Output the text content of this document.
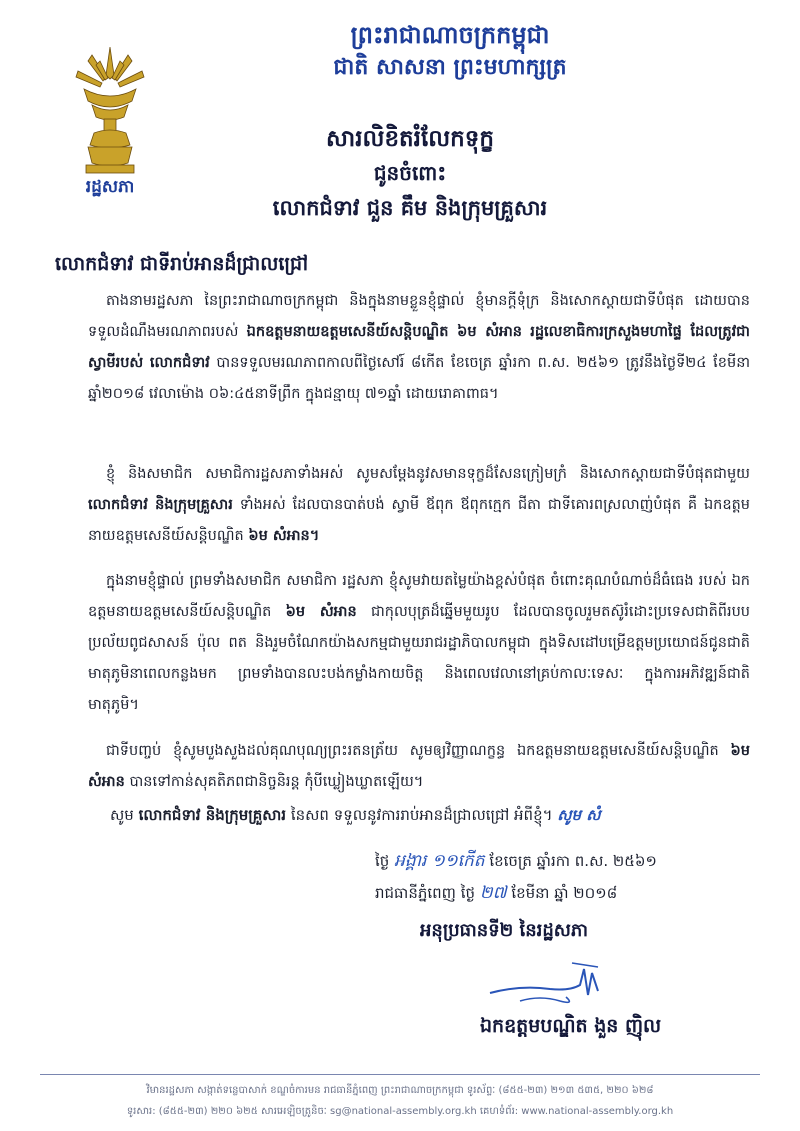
រដ្ឋសភា
ព្រះរាជាណាចក្រកម្ពុជា
ជាតិ សាសនា ព្រះមហាក្សត្រ
សារលិខិតរំលែកទុក្ខ
ជូនចំពោះ
លោកជំទាវ ជួន គឹម និងក្រុមគ្រួសារ
លោកជំទាវ ជាទីរាប់អានដ៏ជ្រាលជ្រៅ
តាងនាមរដ្ឋសភា នៃព្រះរាជាណាចក្រកម្ពុជា និងក្នុងនាមខ្លួនខ្ញុំផ្ទាល់ ខ្ញុំមានក្តីទុំក្រ និងសោកស្តាយជាទីបំផុត ដោយបានទទួលដំណឹងមរណភាពរបស់ ឯកឧត្តមនាយឧត្តមសេនីយ៍សន្តិបណ្ឌិត ៦ម សំអាន រដ្ឋលេខាធិការក្រសួងមហាផ្ទៃ ដែលត្រូវជាស្វាមីរបស់ លោកជំទាវ បានទទួលមរណភាពកាលពីថ្ងៃសៅរ៍ ៨កើត ខែចេត្រ ឆ្នាំរកា ព.ស. ២៥៦១ ត្រូវនឹងថ្ងៃទី២៤ ខែមីនា ឆ្នាំ២០១៨ វេលាម៉ោង ០៦:៤៥នាទីព្រឹក ក្នុងជន្មាយុ ៧១ឆ្នាំ ដោយរោគាពាធ។
ខ្ញុំ និងសមាជិក សមាជិការដ្ឋសភាទាំងអស់ សូមសម្តែងនូវសមានទុក្ខដ៏សែនក្រៀមក្រំ និងសោកស្តាយជាទីបំផុតជាមួយ លោកជំទាវ និងក្រុមគ្រួសារ ទាំងអស់ ដែលបានបាត់បង់ ស្វាមី ឪពុក ឪពុកក្មេក ជីតា ជាទីគោរពស្រលាញ់បំផុត គឺ ឯកឧត្តមនាយឧត្តមសេនីយ៍សន្តិបណ្ឌិត ៦ម សំអាន។
ក្នុងនាមខ្ញុំផ្ទាល់ ព្រមទាំងសមាជិក សមាជិកា រដ្ឋសភា ខ្ញុំសូមវាយតម្លៃយ៉ាងខ្ពស់បំផុត ចំពោះគុណបំណាច់ដ៏ធំធេង របស់ ឯកឧត្តមនាយឧត្តមសេនីយ៍សន្តិបណ្ឌិត ៦ម សំអាន ជាកុលបុត្រដ៏ឆ្នើមមួយរូប ដែលបានចូលរួមតស៊ូរំដោះប្រទេសជាតិពីរបបប្រល័យពូជសាសន៍ ប៉ុល ពត និងរួមចំណែកយ៉ាងសកម្មជាមួយរាជរដ្ឋាភិបាលកម្ពុជា ក្នុងទិសដៅបម្រើឧត្តមប្រយោជន៍ជូនជាតិមាតុភូមិនាពេលកន្លងមក ព្រមទាំងបានលះបង់កម្លាំងកាយចិត្ត និងពេលវេលានៅគ្រប់កាលៈទេសៈ ក្នុងការអភិវឌ្ឍន៍ជាតិមាតុភូមិ។
ជាទីបញ្ចប់ ខ្ញុំសូមបួងសួងដល់គុណបុណ្យព្រះរតនត្រ័យ សូមឲ្យវិញ្ញាណក្ខន្ធ ឯកឧត្តមនាយឧត្តមសេនីយ៍សន្តិបណ្ឌិត ៦ម សំអាន បានទៅកាន់សុគតិភពជានិច្ចនិរន្ត កុំបីឃ្លៀងឃ្លាតឡើយ។
សូម លោកជំទាវ និងក្រុមគ្រួសារ នៃសព ទទួលនូវការរាប់អានដ៏ជ្រាលជ្រៅ អំពីខ្ញុំ។ សូម សំ
ថ្ងៃ អង្គារ ១១កើត ខែចេត្រ ឆ្នាំរកា ព.ស. ២៥៦១
រាជធានីភ្នំពេញ ថ្ងៃ ២៧ ខែមីនា ឆ្នាំ ២០១៨
អនុប្រធានទី២ នៃរដ្ឋសភា
ឯកឧត្តមបណ្ឌិត ងួន ញ៉ិល
វិមានរដ្ឋសភា សង្កាត់ទន្លេបាសាក់ ខណ្ឌចំការមន រាជធានីភ្នំពេញ ព្រះរាជាណាចក្រកម្ពុជា ទូរស័ព្ទៈ (៨៥៥-២៣) ២១៣ ៥៣៥, ២២០ ៦២៨
ទូរសារ: (៨៥៥-២៣) ២២០ ៦២៥ សារអេឡិចត្រូនិចៈ sg@national-assembly.org.kh គេហទំព័រ: www.national-assembly.org.kh
